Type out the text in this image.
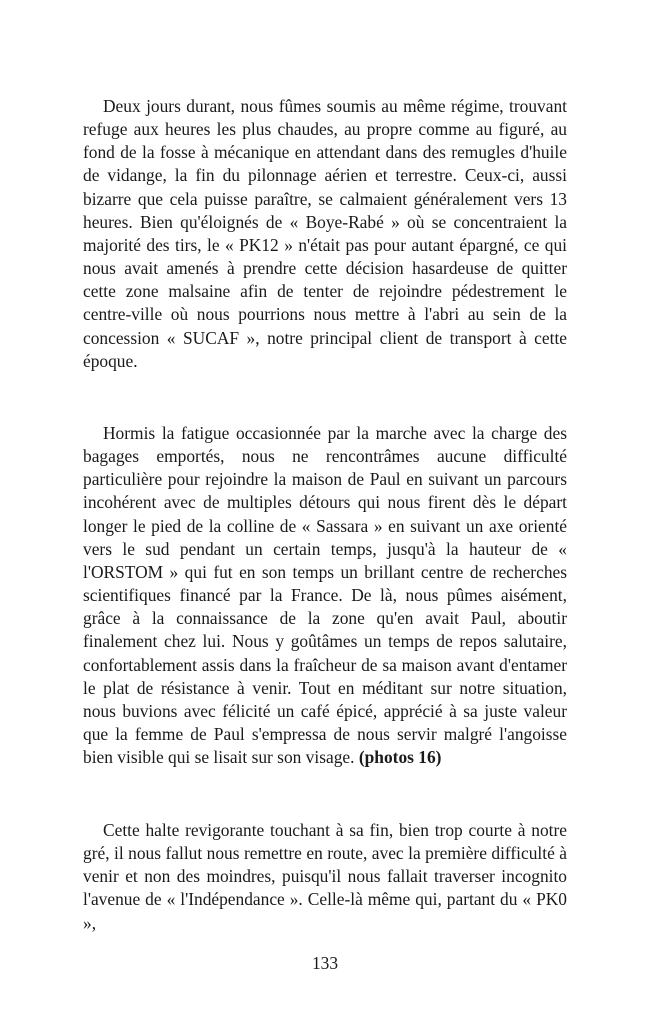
Deux jours durant, nous fûmes soumis au même régime, trouvant refuge aux heures les plus chaudes, au propre comme au figuré, au fond de la fosse à mécanique en attendant dans des remugles d'huile de vidange, la fin du pilonnage aérien et terrestre. Ceux-ci, aussi bizarre que cela puisse paraître, se calmaient généralement vers 13 heures. Bien qu'éloignés de « Boye-Rabé » où se concentraient la majorité des tirs, le « PK12 » n'était pas pour autant épargné, ce qui nous avait amenés à prendre cette décision hasardeuse de quitter cette zone malsaine afin de tenter de rejoindre pédestrement le centre-ville où nous pourrions nous mettre à l'abri au sein de la concession « SUCAF », notre principal client de transport à cette époque.

Hormis la fatigue occasionnée par la marche avec la charge des bagages emportés, nous ne rencontrâmes aucune difficulté particulière pour rejoindre la maison de Paul en suivant un parcours incohérent avec de multiples détours qui nous firent dès le départ longer le pied de la colline de « Sassara » en suivant un axe orienté vers le sud pendant un certain temps, jusqu'à la hauteur de « l'ORSTOM » qui fut en son temps un brillant centre de recherches scientifiques financé par la France. De là, nous pûmes aisément, grâce à la connaissance de la zone qu'en avait Paul, aboutir finalement chez lui. Nous y goûtâmes un temps de repos salutaire, confortablement assis dans la fraîcheur de sa maison avant d'entamer le plat de résistance à venir. Tout en méditant sur notre situation, nous buvions avec félicité un café épicé, apprécié à sa juste valeur que la femme de Paul s'empressa de nous servir malgré l'angoisse bien visible qui se lisait sur son visage. (photos 16)

Cette halte revigorante touchant à sa fin, bien trop courte à notre gré, il nous fallut nous remettre en route, avec la première difficulté à venir et non des moindres, puisqu'il nous fallait traverser incognito l'avenue de « l'Indépendance ». Celle-là même qui, partant du « PK0 »,

133
